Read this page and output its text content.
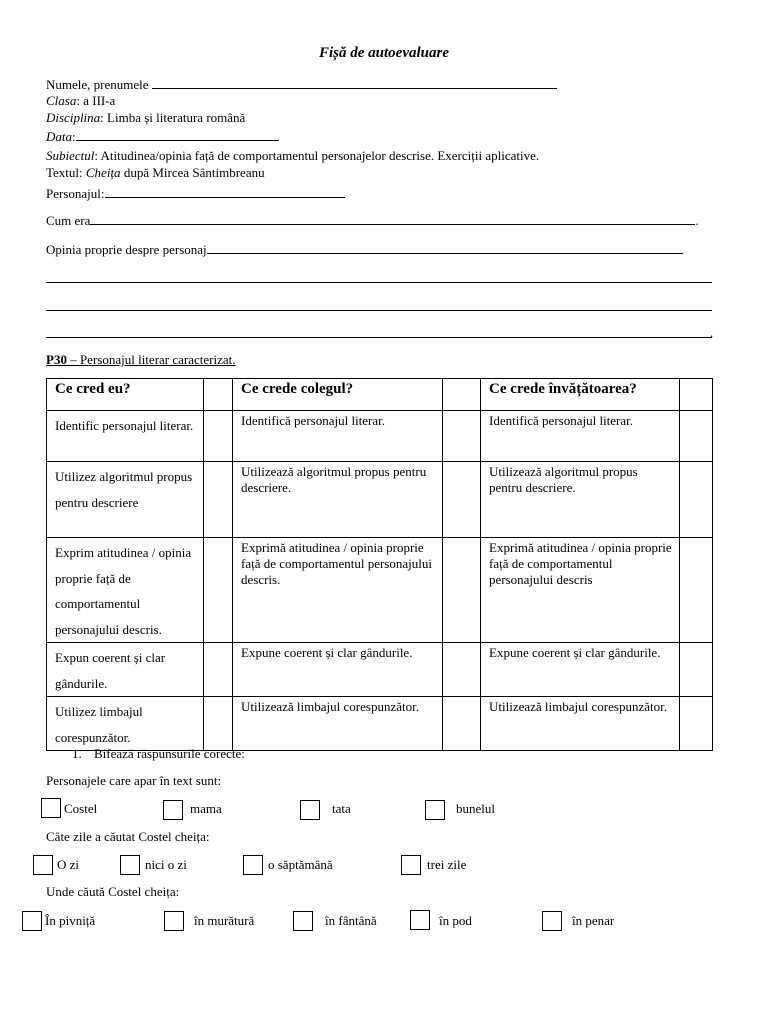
Fișă de autoevaluare
Numele, prenumele
Clasa: a III-a
Disciplina: Limba și literatura română
Data:
Subiectul: Atitudinea/opinia față de comportamentul personajelor descrise. Exerciții aplicative.
Textul: Cheița după Mircea Sântimbreanu
Personajul:
Cum era	.
Opinia proprie despre personaj
.
P30 – Personajul literar caracterizat.
Ce cred eu?		Ce crede colegul?		Ce crede învățătoarea?	
Identific personajul literar.		Identifică personajul literar.		Identifică personajul literar.	
Utilizez algoritmul propus pentru descriere		Utilizează algoritmul propus pentru descriere.		Utilizează algoritmul propus pentru descriere.	
Exprim atitudinea / opinia proprie față de comportamentul personajului descris.		Exprimă atitudinea / opinia proprie față de comportamentul personajului descris.		Exprimă atitudinea / opinia proprie față de comportamentul personajului descris	
Expun coerent și clar gândurile.		Expune coerent și clar gândurile.		Expune coerent și clar gândurile.	
Utilizez limbajul corespunzător.		Utilizează limbajul corespunzător.		Utilizează limbajul corespunzător.	
1. Bifează răspunsurile corecte:
Personajele care apar în text sunt:
Costel	mama	tata	bunelul
Câte zile a căutat Costel cheița:
O zi	nici o zi	o săptămână	trei zile
Unde căută Costel cheița:
În pivniță	în murătură	în fântână	în pod	în penar
